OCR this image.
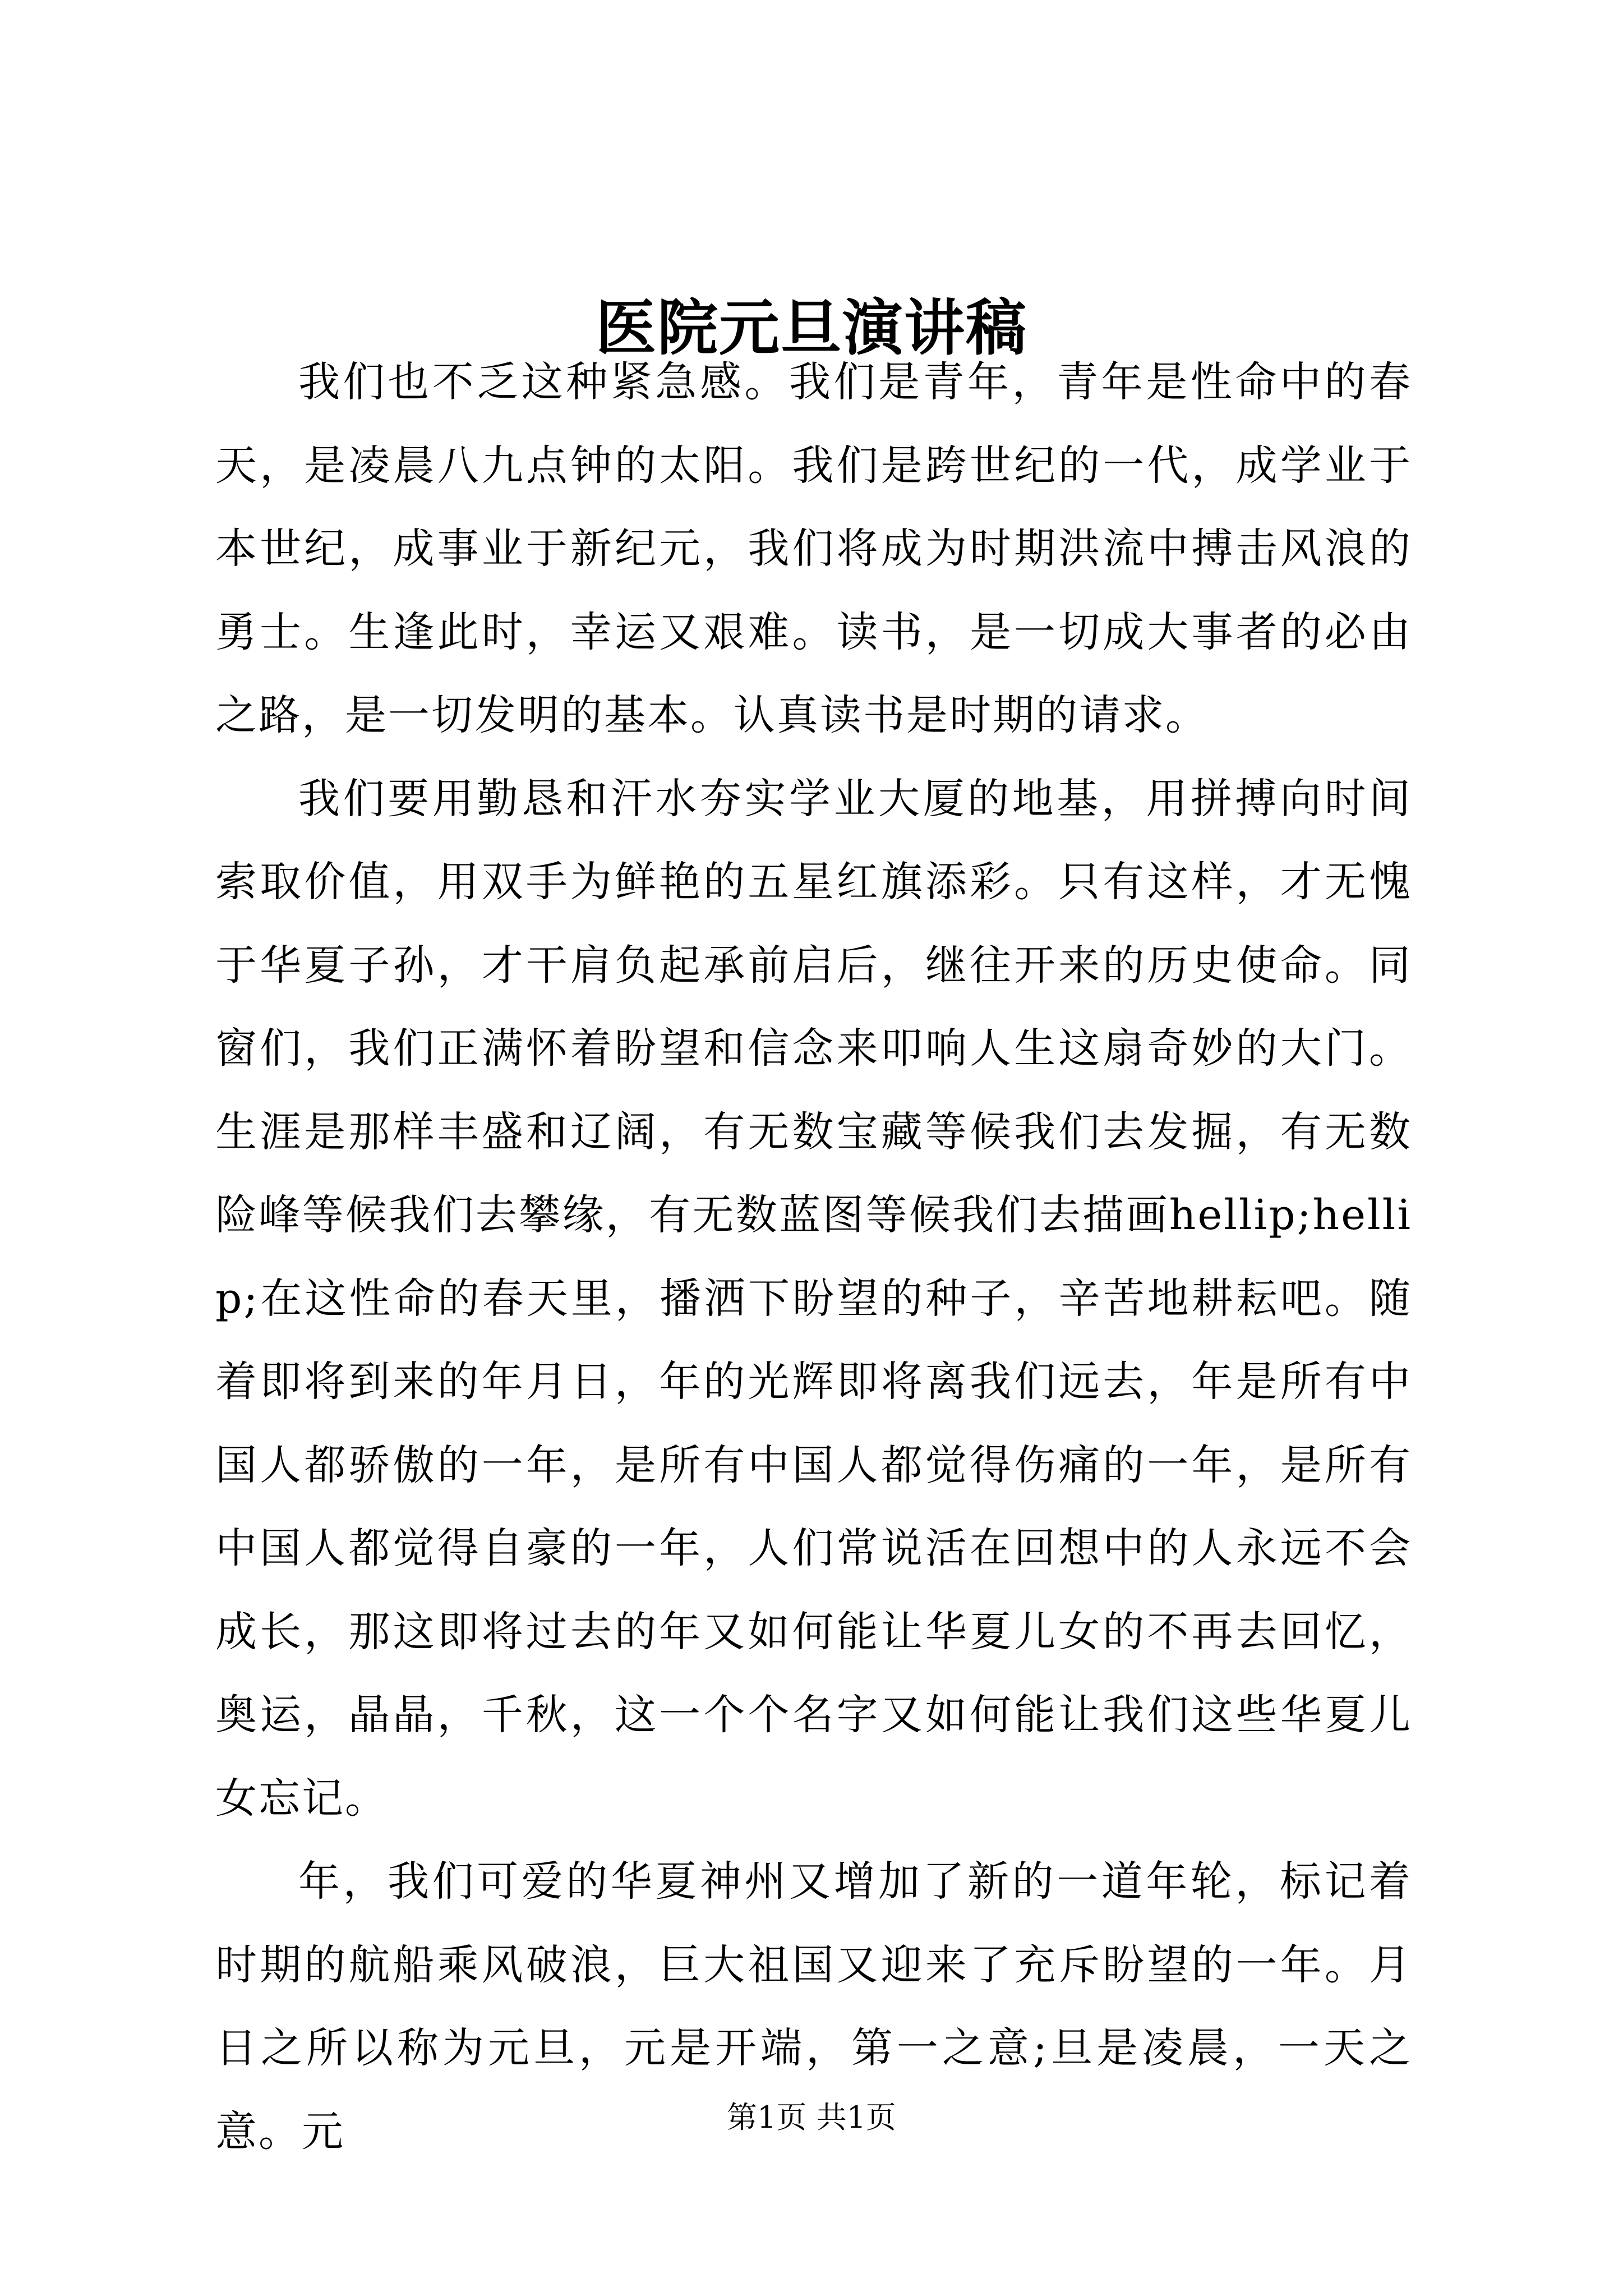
医院元旦演讲稿

我们也不乏这种紧急感。我们是青年，青年是性命中的春天，是凌晨八九点钟的太阳。我们是跨世纪的一代，成学业于本世纪，成事业于新纪元，我们将成为时期洪流中搏击风浪的勇士。生逢此时，幸运又艰难。读书，是一切成大事者的必由之路，是一切发明的基本。认真读书是时期的请求。

我们要用勤恳和汗水夯实学业大厦的地基，用拼搏向时间索取价值，用双手为鲜艳的五星红旗添彩。只有这样，才无愧于华夏子孙，才干肩负起承前启后，继往开来的历史使命。同窗们，我们正满怀着盼望和信念来叩响人生这扇奇妙的大门。生涯是那样丰盛和辽阔，有无数宝藏等候我们去发掘，有无数险峰等候我们去攀缘，有无数蓝图等候我们去描画hellip;hellip;在这性命的春天里，播洒下盼望的种子，辛苦地耕耘吧。随着即将到来的年月日，年的光辉即将离我们远去，年是所有中国人都骄傲的一年，是所有中国人都觉得伤痛的一年，是所有中国人都觉得自豪的一年，人们常说活在回想中的人永远不会成长，那这即将过去的年又如何能让华夏儿女的不再去回忆，奥运，晶晶，千秋，这一个个名字又如何能让我们这些华夏儿女忘记。

年，我们可爱的华夏神州又增加了新的一道年轮，标记着时期的航船乘风破浪，巨大祖国又迎来了充斥盼望的一年。月日之所以称为元旦，元是开端，第一之意;旦是凌晨，一天之意。元	第1页 共1页
